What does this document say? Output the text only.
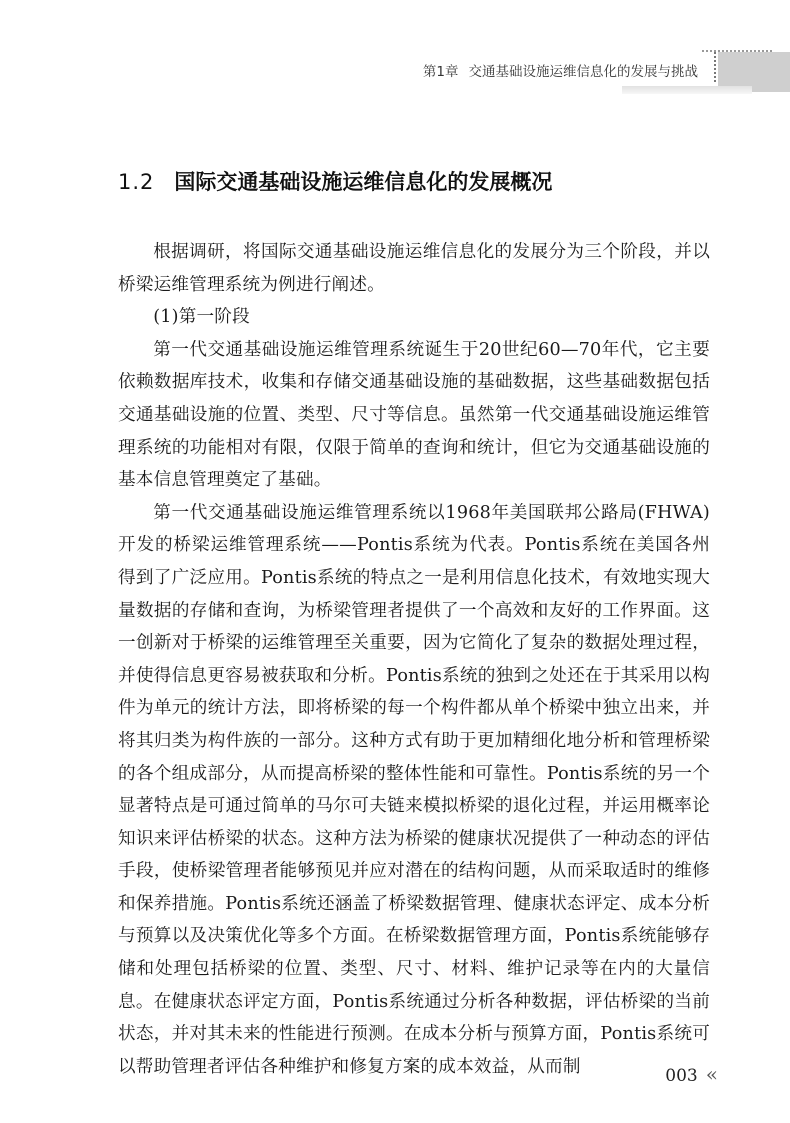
第1章 交通基础设施运维信息化的发展与挑战
1.2 国际交通基础设施运维信息化的发展概况

根据调研，将国际交通基础设施运维信息化的发展分为三个阶段，并以桥梁运维管理系统为例进行阐述。

(1)第一阶段

第一代交通基础设施运维管理系统诞生于20世纪60—70年代，它主要依赖数据库技术，收集和存储交通基础设施的基础数据，这些基础数据包括交通基础设施的位置、类型、尺寸等信息。虽然第一代交通基础设施运维管理系统的功能相对有限，仅限于简单的查询和统计，但它为交通基础设施的基本信息管理奠定了基础。

第一代交通基础设施运维管理系统以1968年美国联邦公路局(FHWA)开发的桥梁运维管理系统——Pontis系统为代表。Pontis系统在美国各州得到了广泛应用。Pontis系统的特点之一是利用信息化技术，有效地实现大量数据的存储和查询，为桥梁管理者提供了一个高效和友好的工作界面。这一创新对于桥梁的运维管理至关重要，因为它简化了复杂的数据处理过程，并使得信息更容易被获取和分析。Pontis系统的独到之处还在于其采用以构件为单元的统计方法，即将桥梁的每一个构件都从单个桥梁中独立出来，并将其归类为构件族的一部分。这种方式有助于更加精细化地分析和管理桥梁的各个组成部分，从而提高桥梁的整体性能和可靠性。Pontis系统的另一个显著特点是可通过简单的马尔可夫链来模拟桥梁的退化过程，并运用概率论知识来评估桥梁的状态。这种方法为桥梁的健康状况提供了一种动态的评估手段，使桥梁管理者能够预见并应对潜在的结构问题，从而采取适时的维修和保养措施。Pontis系统还涵盖了桥梁数据管理、健康状态评定、成本分析与预算以及决策优化等多个方面。在桥梁数据管理方面，Pontis系统能够存储和处理包括桥梁的位置、类型、尺寸、材料、维护记录等在内的大量信息。在健康状态评定方面，Pontis系统通过分析各种数据，评估桥梁的当前状态，并对其未来的性能进行预测。在成本分析与预算方面，Pontis系统可以帮助管理者评估各种维护和修复方案的成本效益，从而制	003 «
